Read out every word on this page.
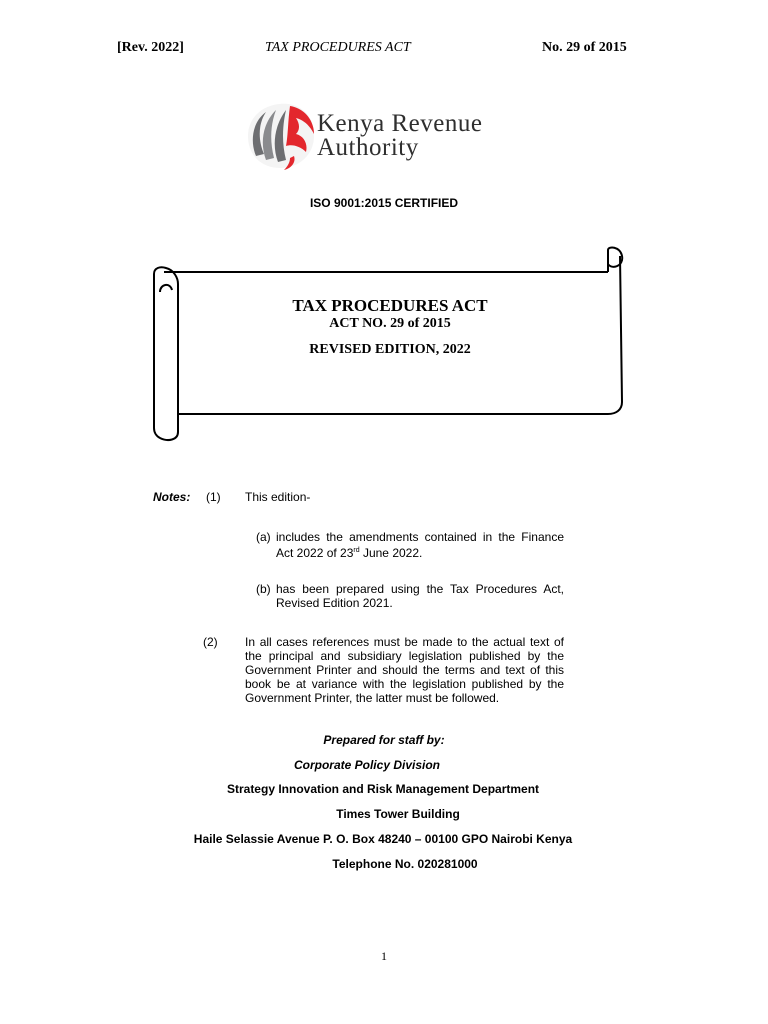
[Rev. 2022]	TAX PROCEDURES ACT	No. 29 of 2015
Kenya Revenue
Authority
ISO 9001:2015 CERTIFIED
TAX PROCEDURES ACT
ACT NO. 29 of 2015
REVISED EDITION, 2022
Notes: (1) This edition-
(a) includes the amendments contained in the Finance Act 2022 of 23rd June 2022.
(b) has been prepared using the Tax Procedures Act, Revised Edition 2021.
(2) In all cases references must be made to the actual text of the principal and subsidiary legislation published by the Government Printer and should the terms and text of this book be at variance with the legislation published by the Government Printer, the latter must be followed.
Prepared for staff by:
Corporate Policy Division
Strategy Innovation and Risk Management Department
Times Tower Building
Haile Selassie Avenue P. O. Box 48240 – 00100 GPO Nairobi Kenya
Telephone No. 020281000
1
